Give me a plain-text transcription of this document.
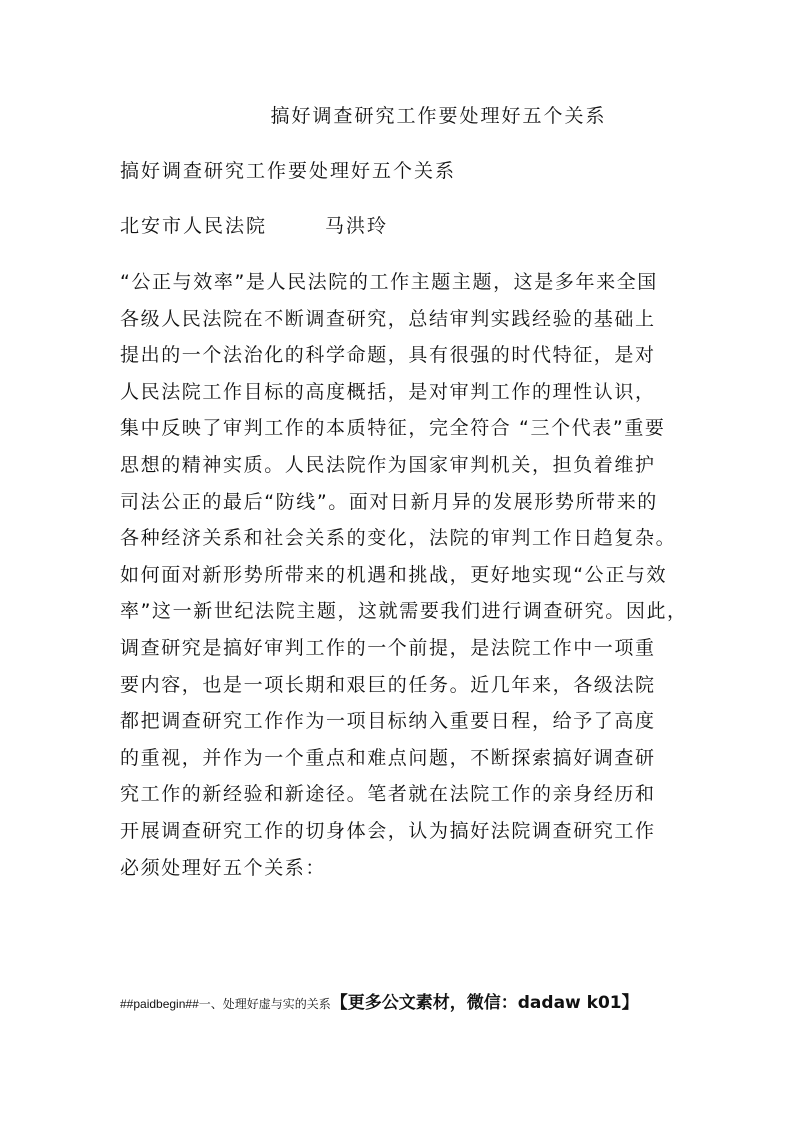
搞好调查研究工作要处理好五个关系
搞好调查研究工作要处理好五个关系
北安市人民法院	马洪玲
“公正与效率”是人民法院的工作主题主题，这是多年来全国
各级人民法院在不断调查研究，总结审判实践经验的基础上
提出的一个法治化的科学命题，具有很强的时代特征，是对
人民法院工作目标的高度概括，是对审判工作的理性认识，
集中反映了审判工作的本质特征，完全符合 “三个代表”重要
思想的精神实质。人民法院作为国家审判机关，担负着维护
司法公正的最后“防线”。面对日新月异的发展形势所带来的
各种经济关系和社会关系的变化，法院的审判工作日趋复杂。
如何面对新形势所带来的机遇和挑战，更好地实现“公正与效
率”这一新世纪法院主题，这就需要我们进行调查研究。因此，
调查研究是搞好审判工作的一个前提，是法院工作中一项重
要内容，也是一项长期和艰巨的任务。近几年来，各级法院
都把调查研究工作作为一项目标纳入重要日程，给予了高度
的重视，并作为一个重点和难点问题，不断探索搞好调查研
究工作的新经验和新途径。笔者就在法院工作的亲身经历和
开展调查研究工作的切身体会，认为搞好法院调查研究工作
必须处理好五个关系：
##paidbegin##一、处理好虚与实的关系【更多公文素材，微信：dadaw k01】
